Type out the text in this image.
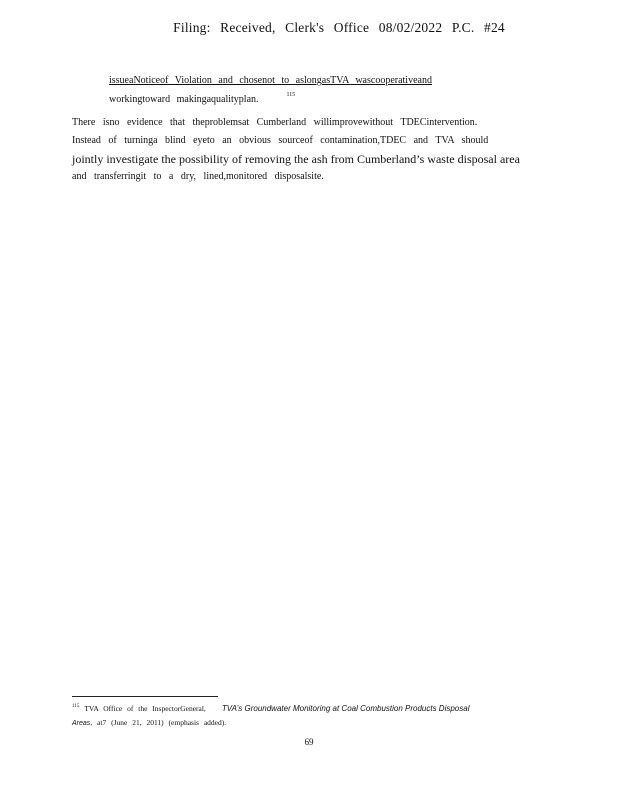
Filing: Received, Clerk's Office 08/02/2022 P.C. #24
issueaNoticeof Violation and chosenot to aslongasTVA wascooperativeand
workingtoward makingaqualityplan.	$^{115}$
There isno evidence that theproblemsat Cumberland willimprovewithout TDECintervention.
Instead of turninga blind eyeto an obvious sourceof contamination,TDEC and TVA should
jointly investigate the possibility of removing the ash from Cumberland’s waste disposal area
and transferringit to a dry, lined,monitored disposalsite.
$^{115}$ TVA Office of the InspectorGeneral, TVA’s Groundwater Monitoring at Coal Combustion Products Disposal
Areas, at7 (June 21, 2011) (emphasis added).
69
